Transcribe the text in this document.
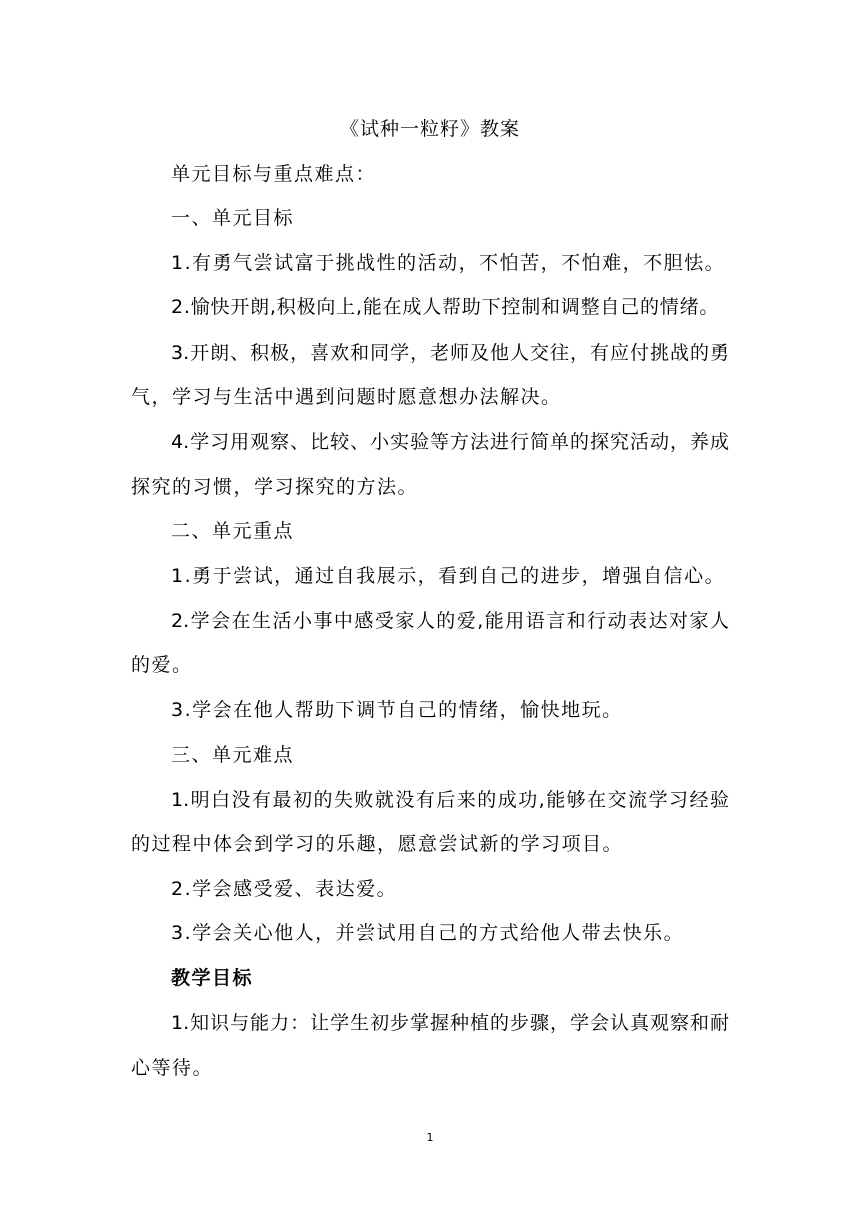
《试种一粒籽》教案
单元目标与重点难点：
一、单元目标
1.有勇气尝试富于挑战性的活动，不怕苦，不怕难，不胆怯。
2.愉快开朗,积极向上,能在成人帮助下控制和调整自己的情绪。
3.开朗、积极，喜欢和同学，老师及他人交往，有应付挑战的勇
气，学习与生活中遇到问题时愿意想办法解决。
4.学习用观察、比较、小实验等方法进行简单的探究活动，养成
探究的习惯，学习探究的方法。
二、单元重点
1.勇于尝试，通过自我展示，看到自己的进步，增强自信心。
2.学会在生活小事中感受家人的爱,能用语言和行动表达对家人
的爱。
3.学会在他人帮助下调节自己的情绪，愉快地玩。
三、单元难点
1.明白没有最初的失败就没有后来的成功,能够在交流学习经验
的过程中体会到学习的乐趣，愿意尝试新的学习项目。
2.学会感受爱、表达爱。
3.学会关心他人，并尝试用自己的方式给他人带去快乐。
教学目标
1.知识与能力：让学生初步掌握种植的步骤，学会认真观察和耐
心等待。
1
